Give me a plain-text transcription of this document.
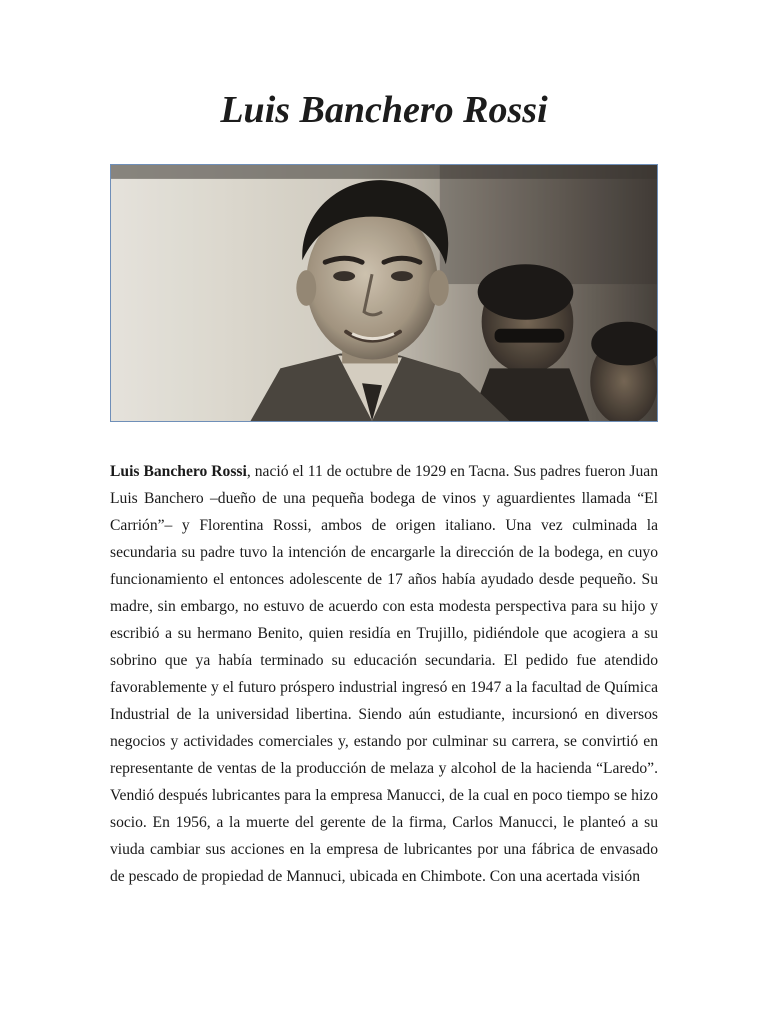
Luis Banchero Rossi

Luis Banchero Rossi, nació el 11 de octubre de 1929 en Tacna. Sus padres fueron Juan Luis Banchero –dueño de una pequeña bodega de vinos y aguardientes llamada “El Carrión”– y Florentina Rossi, ambos de origen italiano. Una vez culminada la secundaria su padre tuvo la intención de encargarle la dirección de la bodega, en cuyo funcionamiento el entonces adolescente de 17 años había ayudado desde pequeño. Su madre, sin embargo, no estuvo de acuerdo con esta modesta perspectiva para su hijo y escribió a su hermano Benito, quien residía en Trujillo, pidiéndole que acogiera a su sobrino que ya había terminado su educación secundaria. El pedido fue atendido favorablemente y el futuro próspero industrial ingresó en 1947 a la facultad de Química Industrial de la universidad libertina. Siendo aún estudiante, incursionó en diversos negocios y actividades comerciales y, estando por culminar su carrera, se convirtió en representante de ventas de la producción de melaza y alcohol de la hacienda “Laredo”. Vendió después lubricantes para la empresa Manucci, de la cual en poco tiempo se hizo socio. En 1956, a la muerte del gerente de la firma, Carlos Manucci, le planteó a su viuda cambiar sus acciones en la empresa de lubricantes por una fábrica de envasado de pescado de propiedad de Mannuci, ubicada en Chimbote. Con una acertada visión
